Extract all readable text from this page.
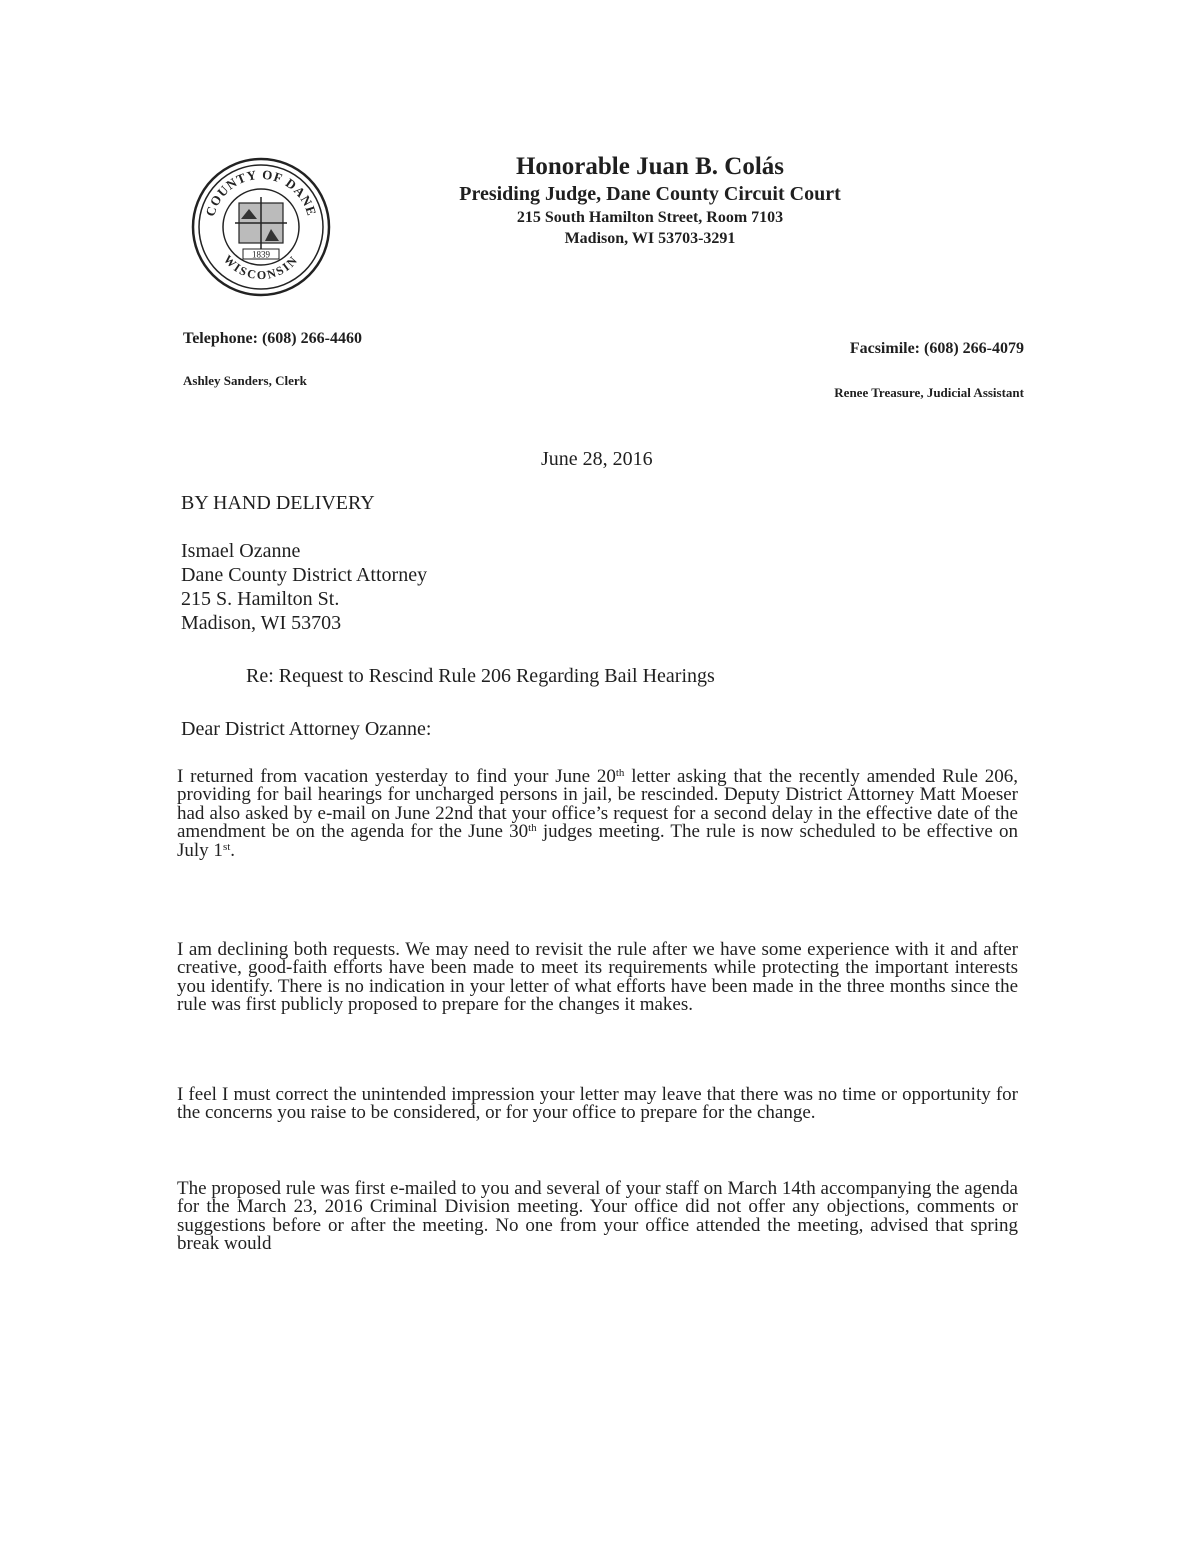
COUNTY OF DANE
WISCONSIN
1839
Honorable Juan B. Colás
Presiding Judge, Dane County Circuit Court
215 South Hamilton Street, Room 7103
Madison, WI 53703-3291
Telephone: (608) 266-4460
Facsimile: (608) 266-4079
Ashley Sanders, Clerk
Renee Treasure, Judicial Assistant
June 28, 2016
BY HAND DELIVERY
Ismael Ozanne
Dane County District Attorney
215 S. Hamilton St.
Madison, WI 53703
Re: Request to Rescind Rule 206 Regarding Bail Hearings
Dear District Attorney Ozanne:
I returned from vacation yesterday to find your June 20th letter asking that the recently amended Rule 206, providing for bail hearings for uncharged persons in jail, be rescinded. Deputy District Attorney Matt Moeser had also asked by e-mail on June 22nd that your office’s request for a second delay in the effective date of the amendment be on the agenda for the June 30th judges meeting. The rule is now scheduled to be effective on July 1st.
I am declining both requests. We may need to revisit the rule after we have some experience with it and after creative, good-faith efforts have been made to meet its requirements while protecting the important interests you identify. There is no indication in your letter of what efforts have been made in the three months since the rule was first publicly proposed to prepare for the changes it makes.
I feel I must correct the unintended impression your letter may leave that there was no time or opportunity for the concerns you raise to be considered, or for your office to prepare for the change.
The proposed rule was first e-mailed to you and several of your staff on March 14th accompanying the agenda for the March 23, 2016 Criminal Division meeting. Your office did not offer any objections, comments or suggestions before or after the meeting. No one from your office attended the meeting, advised that spring break would
